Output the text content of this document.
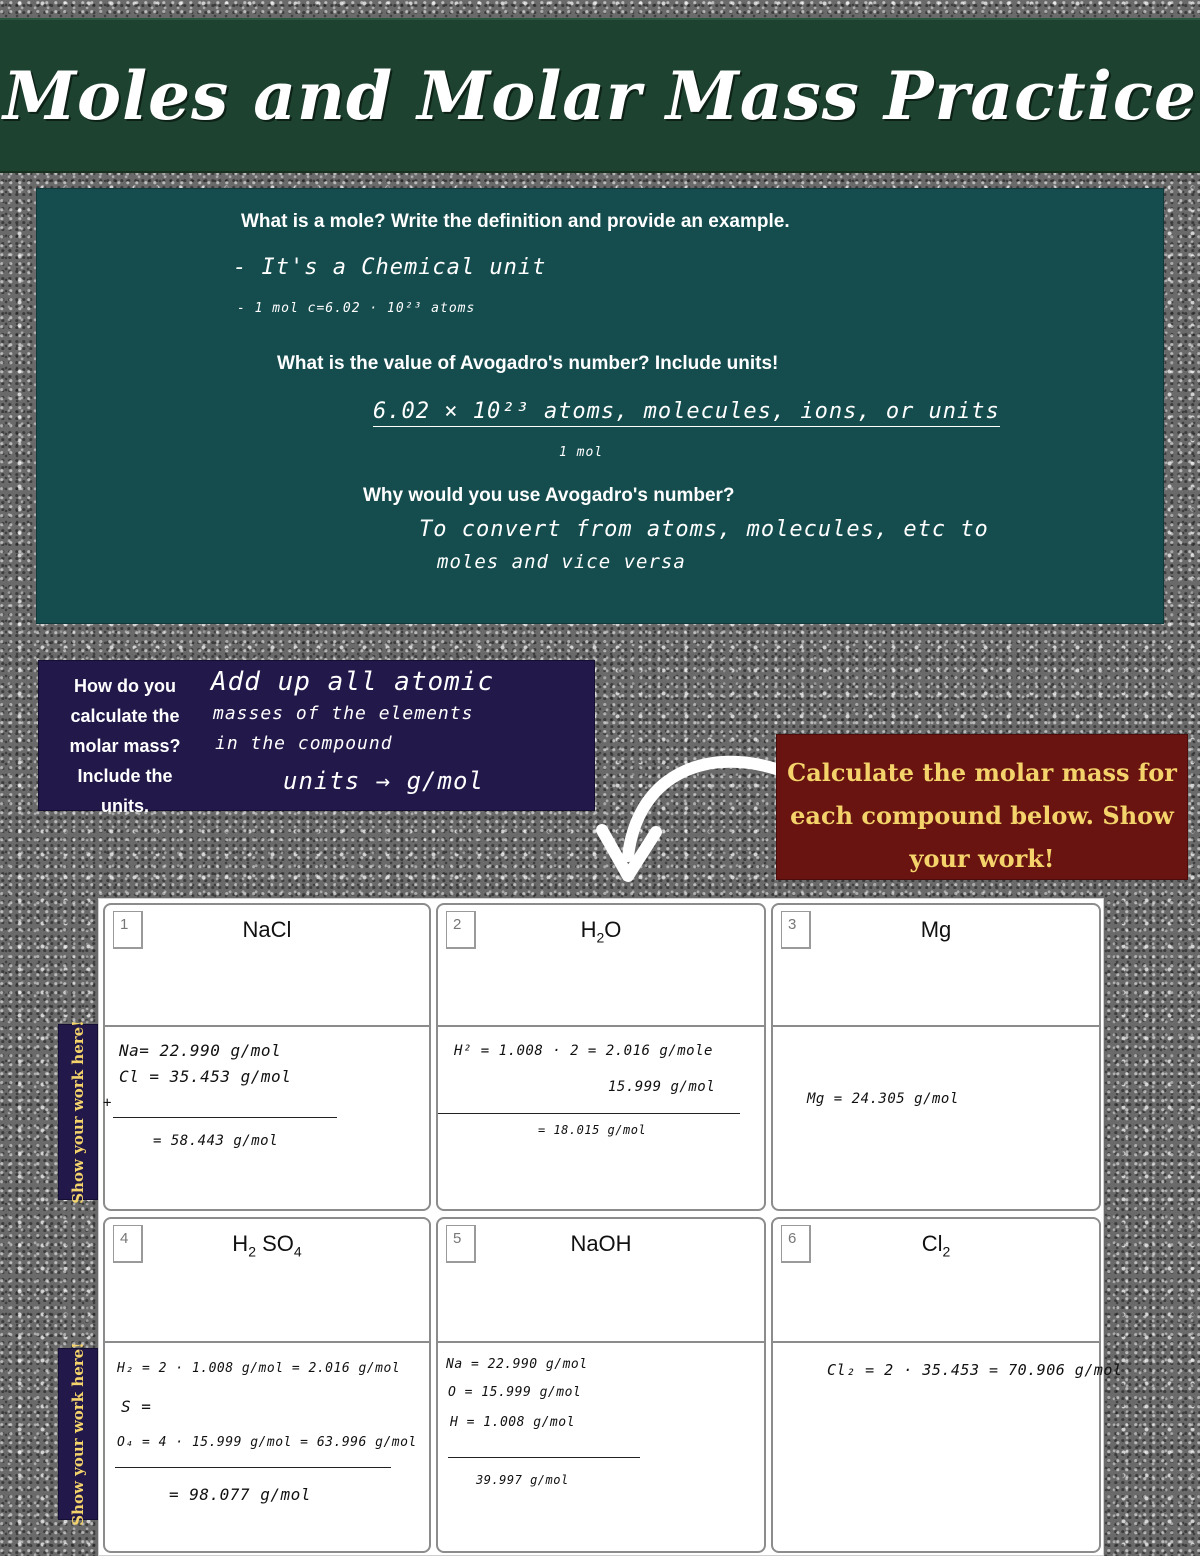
Moles and Molar Mass Practice
What is a mole? Write the definition and provide an example.
- It's a Chemical unit
- 1 mol c=6.02 · 10²³ atoms
What is the value of Avogadro's number? Include units!
6.02 × 10²³ atoms, molecules, ions, or units
1 mol
Why would you use Avogadro's number?
To convert from atoms, molecules, etc to
moles and vice versa
How do you
calculate the
molar mass?
Include the
units.
Add up all atomic
masses of the elements
in the compound
units → g/mol	Calculate the molar mass for
each compound below. Show
your work!
Show your work here!
Show your work here!
1	NaCl
Na= 22.990 g/mol
Cl = 35.453 g/mol
+
= 58.443 g/mol
2	$H_2O$
H² = 1.008 · 2 = 2.016 g/mole
15.999 g/mol
= 18.015 g/mol
3	Mg
Mg = 24.305 g/mol
4	$H_2$ $SO_4$
H₂ = 2 · 1.008 g/mol = 2.016 g/mol
S =
O₄ = 4 · 15.999 g/mol = 63.996 g/mol
= 98.077 g/mol
5	NaOH
Na = 22.990 g/mol
O = 15.999 g/mol
H = 1.008 g/mol
39.997 g/mol
6	$Cl_2$
Cl₂ = 2 · 35.453 = 70.906 g/mol
